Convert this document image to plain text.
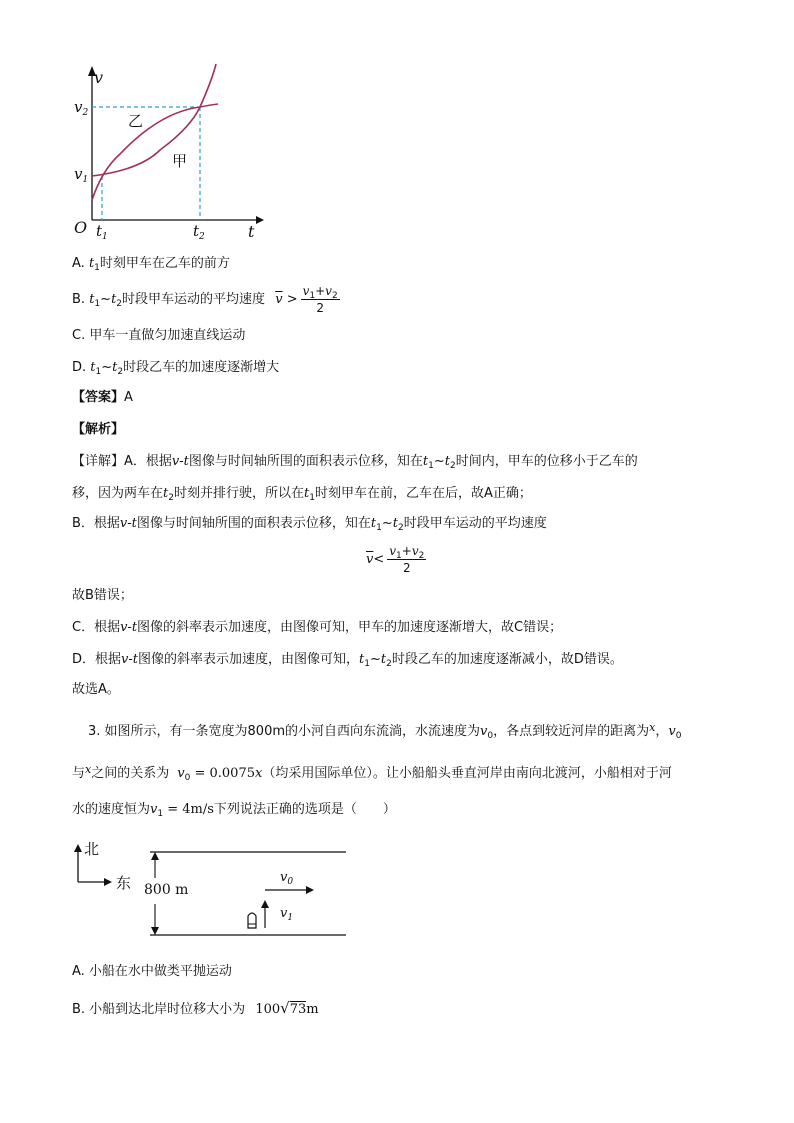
v
$v_2$
$v_1$
O $t_1$	$t_2$	t
乙
甲
A. $t_1$时刻甲车在乙车的前方
B. $t_1\sim t_2$时段甲车运动的平均速度 $\overline{v} > \frac{v_1+v_2}{2}$
C. 甲车一直做匀加速直线运动
D. $t_1\sim t_2$时段乙车的加速度逐渐增大
【答案】A
【解析】
【详解】A．根据v-t图像与时间轴所围的面积表示位移，知在$t_1\sim t_2$时间内，甲车的位移小于乙车的
移，因为两车在$t_2$时刻并排行驶，所以在$t_1$时刻甲车在前，乙车在后，故A正确；
B．根据v-t图像与时间轴所围的面积表示位移，知在$t_1\sim t_2$时段甲车运动的平均速度
$\overline{v}< \frac{v_1+v_2}{2}$
故B错误；
C．根据v-t图像的斜率表示加速度，由图像可知，甲车的加速度逐渐增大，故C错误；
D．根据v-t图像的斜率表示加速度，由图像可知，$t_1\sim t_2$时段乙车的加速度逐渐减小，故D错误。
故选A。
3. 如图所示，有一条宽度为800m的小河自西向东流淌，水流速度为$v_0$，各点到较近河岸的距离为$^x$，$v_0$
与$^x$之间的关系为 $v_0 = 0.0075x$（均采用国际单位）。让小船船头垂直河岸由南向北渡河，小船相对于河
水的速度恒为$v_1 = 4m/s$下列说法正确的选项是（　　）
北
东 800 m
$v_0$
$v_1$
A. 小船在水中做类平抛运动
B. 小船到达北岸时位移大小为 100√73m
